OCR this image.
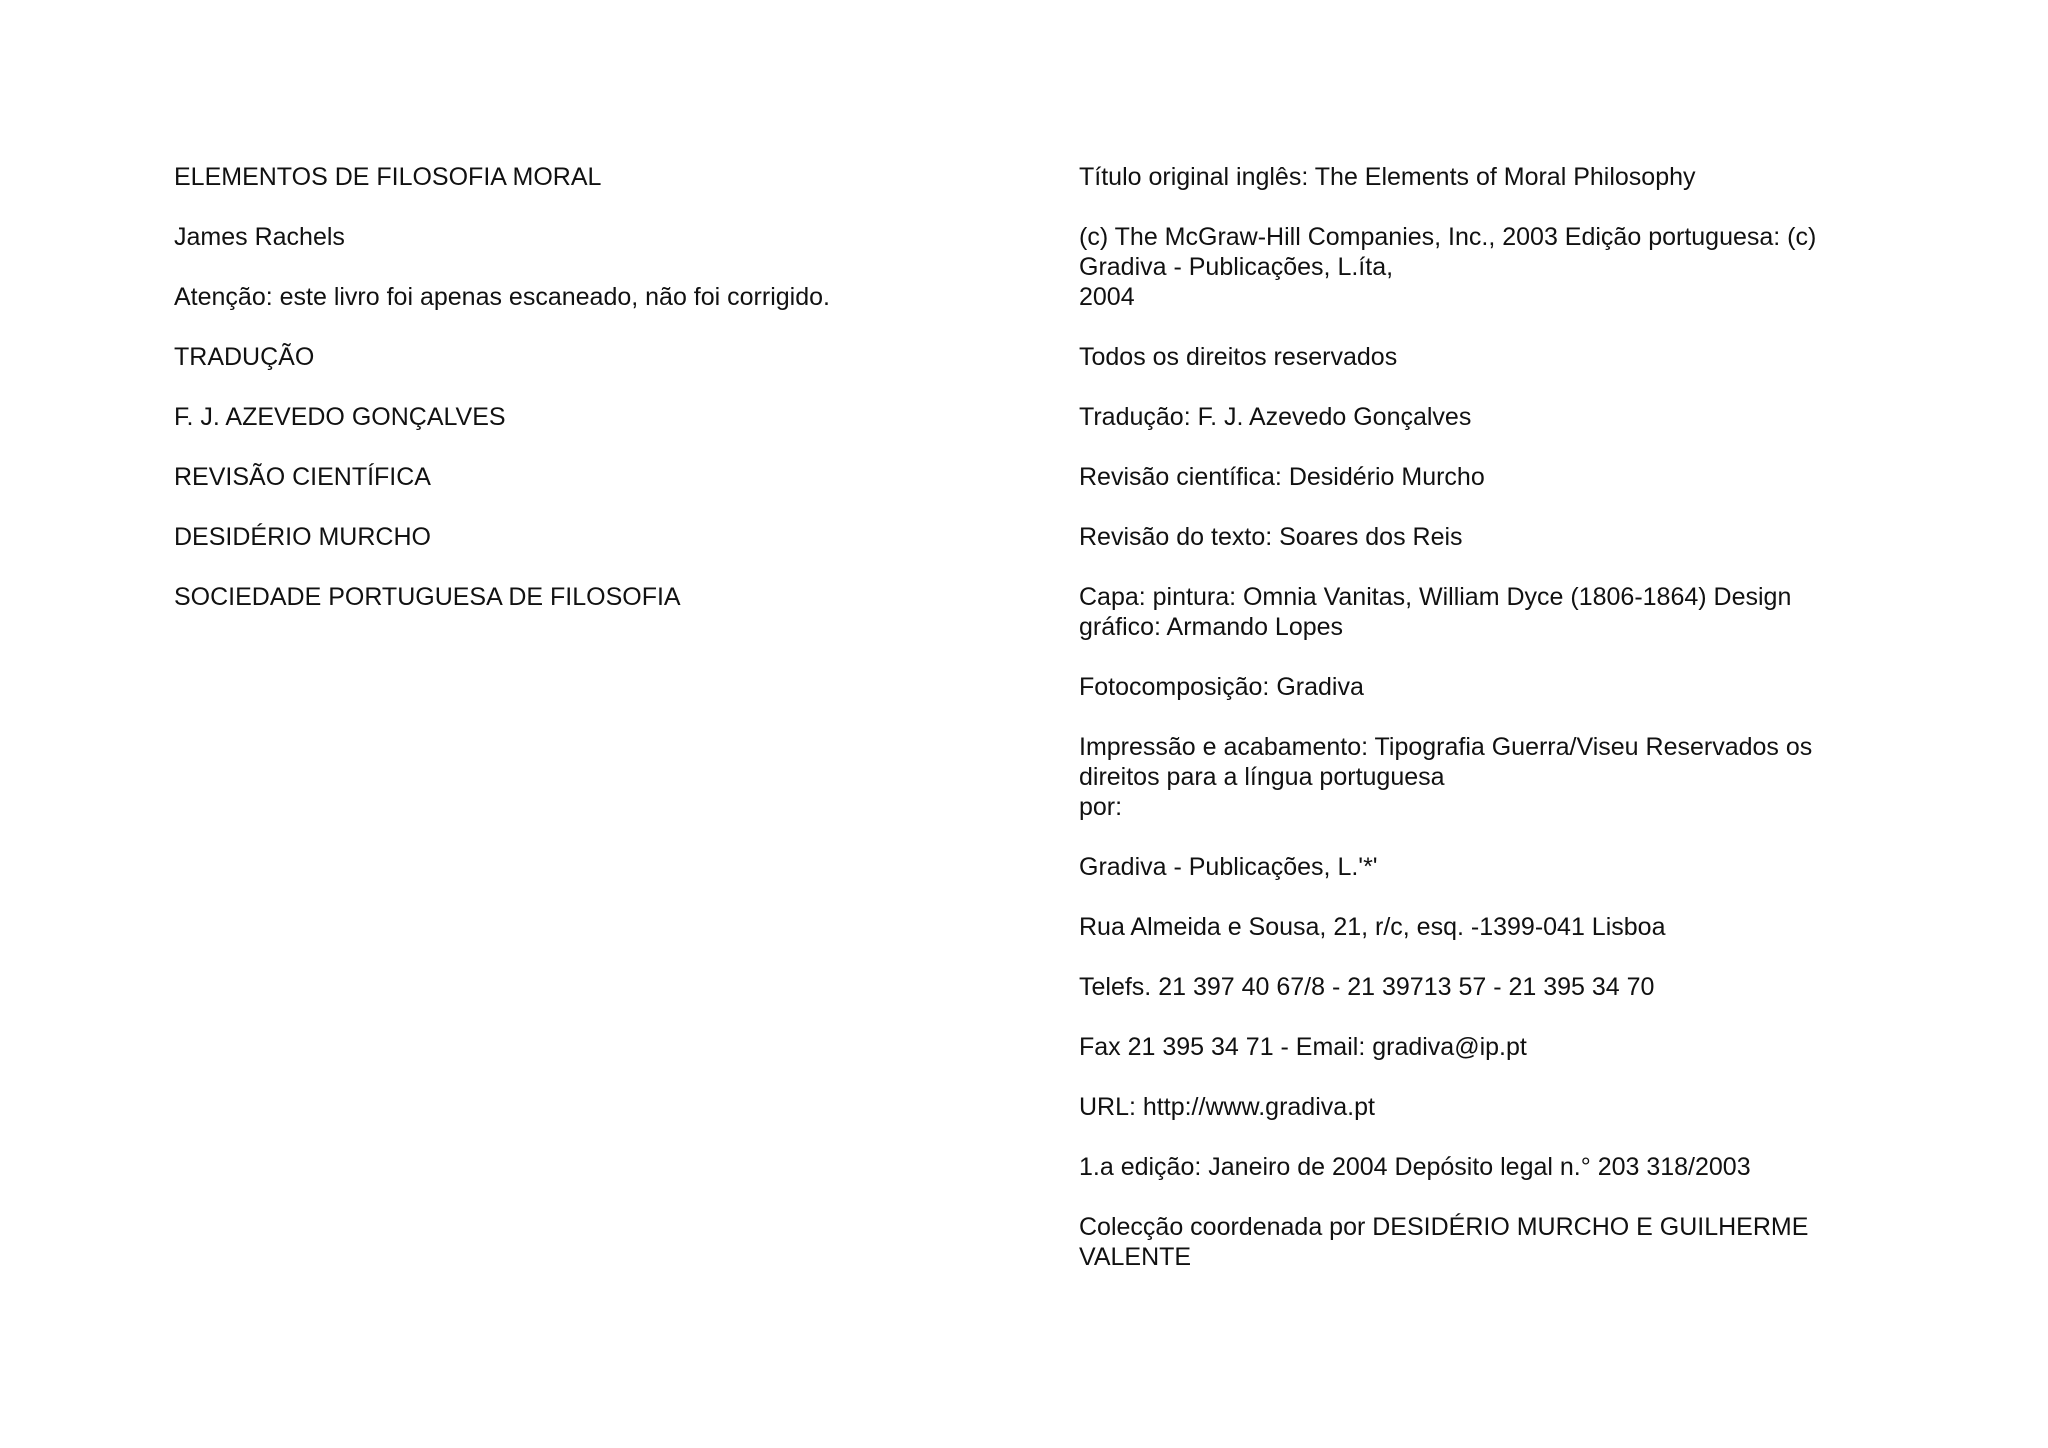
ELEMENTOS DE FILOSOFIA MORAL

James Rachels

Atenção: este livro foi apenas escaneado, não foi corrigido.

TRADUÇÃO

F. J. AZEVEDO GONÇALVES

REVISÃO CIENTÍFICA

DESIDÉRIO MURCHO

SOCIEDADE PORTUGUESA DE FILOSOFIA

Título original inglês: The Elements of Moral Philosophy

(c) The McGraw-Hill Companies, Inc., 2003 Edição portuguesa: (c)
Gradiva - Publicações, L.íta,
2004

Todos os direitos reservados

Tradução: F. J. Azevedo Gonçalves

Revisão científica: Desidério Murcho

Revisão do texto: Soares dos Reis

Capa: pintura: Omnia Vanitas, William Dyce (1806-1864) Design
gráfico: Armando Lopes

Fotocomposição: Gradiva

Impressão e acabamento: Tipografia Guerra/Viseu Reservados os
direitos para a língua portuguesa
por:

Gradiva - Publicações, L.'*'

Rua Almeida e Sousa, 21, r/c, esq. -1399-041 Lisboa

Telefs. 21 397 40 67/8 - 21 39713 57 - 21 395 34 70

Fax 21 395 34 71 - Email: gradiva@ip.pt

URL: http://www.gradiva.pt

1.a edição: Janeiro de 2004 Depósito legal n.° 203 318/2003

Colecção coordenada por DESIDÉRIO MURCHO E GUILHERME
VALENTE
